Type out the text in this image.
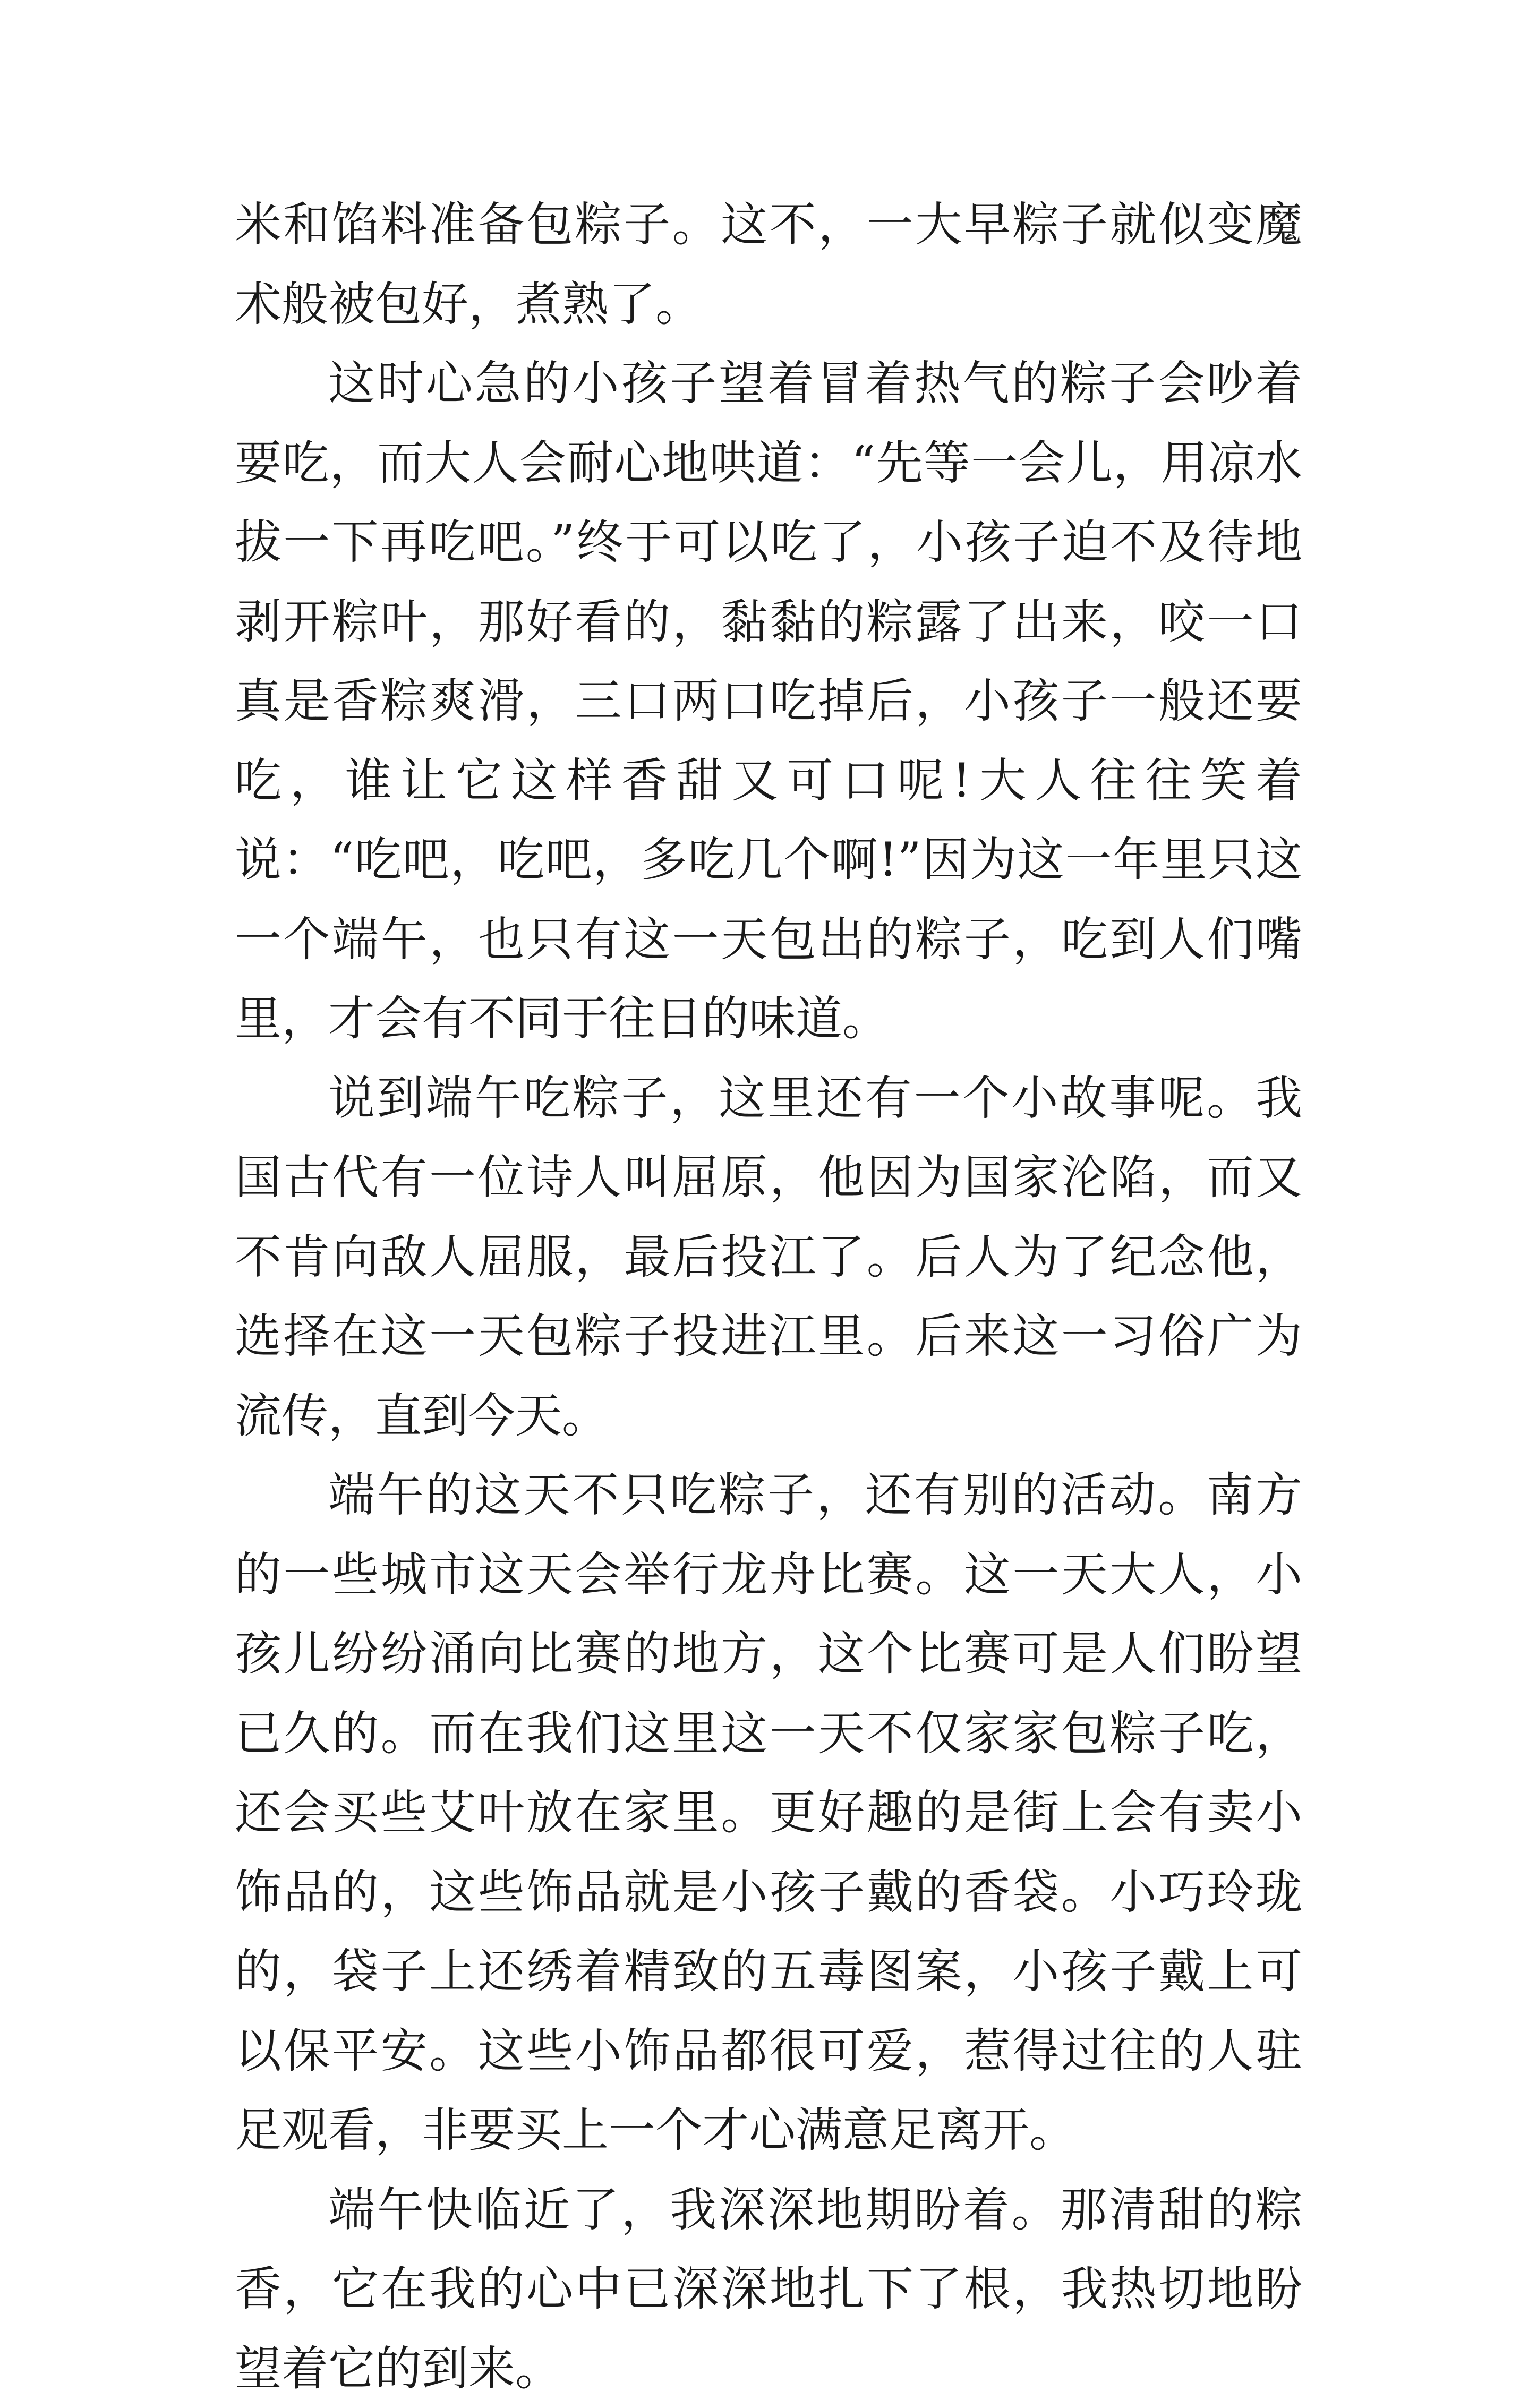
米和馅料准备包粽子。这不，一大早粽子就似变魔术般被包好，煮熟了。

这时心急的小孩子望着冒着热气的粽子会吵着要吃，而大人会耐心地哄道：“先等一会儿，用凉水拔一下再吃吧。”终于可以吃了，小孩子迫不及待地剥开粽叶，那好看的，黏黏的粽露了出来，咬一口真是香粽爽滑，三口两口吃掉后，小孩子一般还要吃，谁让它这样香甜又可口呢!大人往往笑着说：“吃吧，吃吧，多吃几个啊!”因为这一年里只这一个端午，也只有这一天包出的粽子，吃到人们嘴里，才会有不同于往日的味道。

说到端午吃粽子，这里还有一个小故事呢。我国古代有一位诗人叫屈原，他因为国家沦陷，而又不肯向敌人屈服，最后投江了。后人为了纪念他，选择在这一天包粽子投进江里。后来这一习俗广为流传，直到今天。

端午的这天不只吃粽子，还有别的活动。南方的一些城市这天会举行龙舟比赛。这一天大人，小孩儿纷纷涌向比赛的地方，这个比赛可是人们盼望已久的。而在我们这里这一天不仅家家包粽子吃，还会买些艾叶放在家里。更好趣的是街上会有卖小饰品的，这些饰品就是小孩子戴的香袋。小巧玲珑的，袋子上还绣着精致的五毒图案，小孩子戴上可以保平安。这些小饰品都很可爱，惹得过往的人驻足观看，非要买上一个才心满意足离开。

端午快临近了，我深深地期盼着。那清甜的粽香，它在我的心中已深深地扎下了根，我热切地盼望着它的到来。
